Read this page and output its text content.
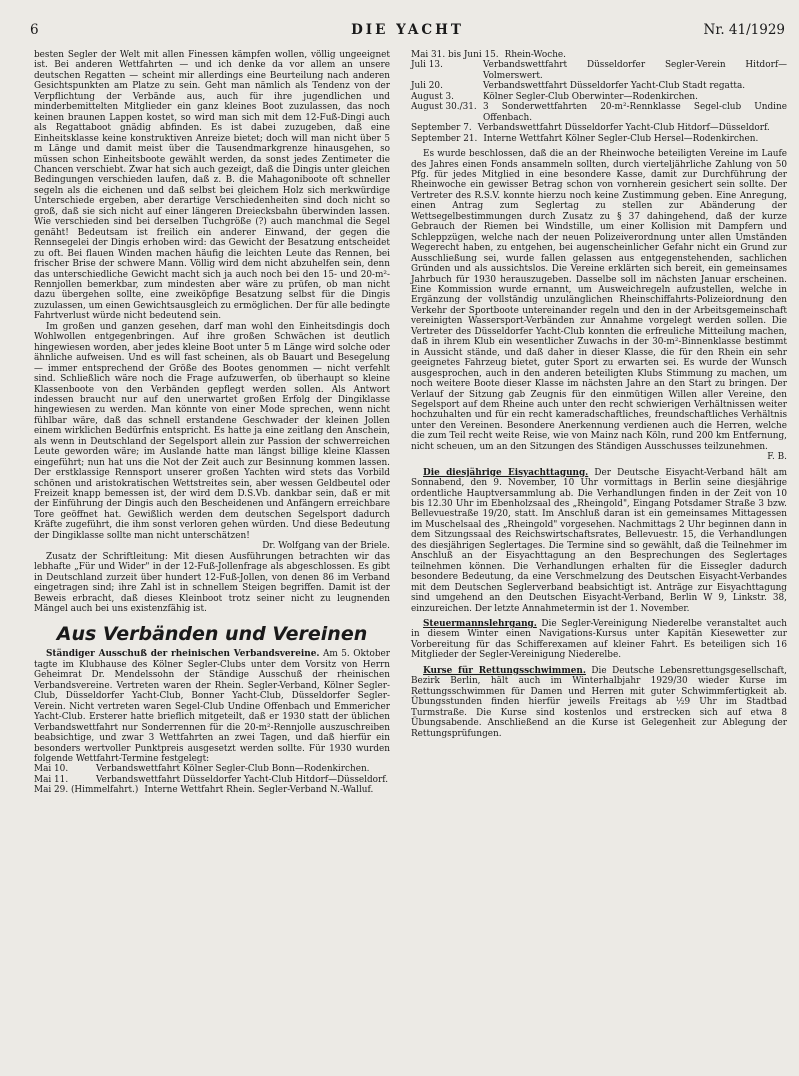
6	DIE YACHT	Nr. 41/1929

besten Segler der Welt mit allen Finessen kämpfen wollen, völlig ungeeignet ist. Bei anderen Wettfahrten — und ich denke da vor allem an unsere deutschen Regatten — scheint mir allerdings eine Beurteilung nach anderen Gesichtspunkten am Platze zu sein. Geht man nämlich als Tendenz von der Verpflichtung der Verbände aus, auch für ihre jugendlichen und minderbemittelten Mitglieder ein ganz kleines Boot zuzulassen, das noch keinen braunen Lappen kostet, so wird man sich mit dem 12-Fuß-Dingi auch als Regattaboot gnädig abfinden. Es ist dabei zuzugeben, daß eine Einheitsklasse keine konstruktiven Anreize bietet; doch will man nicht über 5 m Länge und damit meist über die Tausendmarkgrenze hinausgehen, so müssen schon Einheitsboote gewählt werden, da sonst jedes Zentimeter die Chancen verschiebt. Zwar hat sich auch gezeigt, daß die Dingis unter gleichen Bedingungen verschieden laufen, daß z. B. die Mahagoniboote oft schneller segeln als die eichenen und daß selbst bei gleichem Holz sich merkwürdige Unterschiede ergeben, aber derartige Verschiedenheiten sind doch nicht so groß, daß sie sich nicht auf einer längeren Dreiecksbahn überwinden lassen. Wie verschieden sind bei derselben Tuchgröße (?) auch manchmal die Segel genäht! Bedeutsam ist freilich ein anderer Einwand, der gegen die Rennsegelei der Dingis erhoben wird: das Gewicht der Besatzung entscheidet zu oft. Bei flauen Winden machen häufig die leichten Leute das Rennen, bei frischer Brise der schwere Mann. Völlig wird dem nicht abzuhelfen sein, denn das unterschiedliche Gewicht macht sich ja auch noch bei den 15- und 20-m²-Rennjollen bemerkbar, zum mindesten aber wäre zu prüfen, ob man nicht dazu übergehen sollte, eine zweiköpfige Besatzung selbst für die Dingis zuzulassen, um einen Gewichtsausgleich zu ermöglichen. Der für alle bedingte Fahrtverlust würde nicht bedeutend sein.

Im großen und ganzen gesehen, darf man wohl den Einheitsdingis doch Wohlwollen entgegenbringen. Auf ihre großen Schwächen ist deutlich hingewiesen worden, aber jedes kleine Boot unter 5 m Länge wird solche oder ähnliche aufweisen. Und es will fast scheinen, als ob Bauart und Besegelung — immer entsprechend der Größe des Bootes genommen — nicht verfehlt sind. Schließlich wäre noch die Frage aufzuwerfen, ob überhaupt so kleine Klassenboote von den Verbänden gepflegt werden sollen. Als Antwort indessen braucht nur auf den unerwartet großen Erfolg der Dingiklasse hingewiesen zu werden. Man könnte von einer Mode sprechen, wenn nicht fühlbar wäre, daß das schnell erstandene Geschwader der kleinen Jollen einem wirklichen Bedürfnis entspricht. Es hatte ja eine zeitlang den Anschein, als wenn in Deutschland der Segelsport allein zur Passion der schwerreichen Leute geworden wäre; im Auslande hatte man längst billige kleine Klassen eingeführt; nun hat uns die Not der Zeit auch zur Besinnung kommen lassen. Der erstklassige Rennsport unserer großen Yachten wird stets das Vorbild schönen und aristokratischen Wettstreites sein, aber wessen Geldbeutel oder Freizeit knapp bemessen ist, der wird dem D.S.Vb. dankbar sein, daß er mit der Einführung der Dingis auch den Bescheidenen und Anfängern erreichbare Tore geöffnet hat. Gewißlich werden dem deutschen Segelsport dadurch Kräfte zugeführt, die ihm sonst verloren gehen würden. Und diese Bedeutung der Dingiklasse sollte man nicht unterschätzen!

Dr. Wolfgang van der Briele.

Zusatz der Schriftleitung: Mit diesen Ausführungen betrachten wir das lebhafte „Für und Wider" in der 12-Fuß-Jollenfrage als abgeschlossen. Es gibt in Deutschland zurzeit über hundert 12-Fuß-Jollen, von denen 86 im Verband eingetragen sind; ihre Zahl ist in schnellem Steigen begriffen. Damit ist der Beweis erbracht, daß dieses Kleinboot trotz seiner nicht zu leugnenden Mängel auch bei uns existenzfähig ist.

Aus Verbänden und Vereinen

Ständiger Ausschuß der rheinischen Verbandsvereine. Am 5. Oktober tagte im Klubhause des Kölner Segler-Clubs unter dem Vorsitz von Herrn Geheimrat Dr. Mendelssohn der Ständige Ausschuß der rheinischen Verbandsvereine. Vertreten waren der Rhein. Segler-Verband, Kölner Segler-Club, Düsseldorfer Yacht-Club, Bonner Yacht-Club, Düsseldorfer Segler-Verein. Nicht vertreten waren Segel-Club Undine Offenbach und Emmericher Yacht-Club. Ersterer hatte brieflich mitgeteilt, daß er 1930 statt der üblichen Verbandswettfahrt nur Sonderrennen für die 20-m²-Rennjolle auszuschreiben beabsichtige, und zwar 3 Wettfahrten an zwei Tagen, und daß hierfür ein besonders wertvoller Punktpreis ausgesetzt werden sollte. Für 1930 wurden folgende Wettfahrt-Termine festgelegt:

Mai 10.	Verbandswettfahrt Kölner Segler-Club Bonn—Rodenkirchen.
Mai 11.	Verbandswettfahrt Düsseldorfer Yacht-Club Hitdorf—Düsseldorf.
Mai 29. (Himmelfahrt.) Interne Wettfahrt Rhein. Segler-Verband N.-Walluf.
Mai 31. bis Juni 15. Rhein-Woche.
Juli 13.	Verbandswettfahrt Düsseldorfer Segler-Verein Hitdorf—Volmerswert.
Juli 20.	Verbandswettfahrt Düsseldorfer Yacht-Club Stadt regatta.
August 3.	Kölner Segler-Club Oberwinter—Rodenkirchen.
August 30./31. 3 Sonderwettfahrten 20-m²-Rennklasse Segel-club Undine Offenbach.
September 7. Verbandswettfahrt Düsseldorfer Yacht-Club Hitdorf—Düsseldorf.
September 21. Interne Wettfahrt Kölner Segler-Club Hersel—Rodenkirchen.

Es wurde beschlossen, daß die an der Rheinwoche beteiligten Vereine im Laufe des Jahres einen Fonds ansammeln sollten, durch vierteljährliche Zahlung von 50 Pfg. für jedes Mitglied in eine besondere Kasse, damit zur Durchführung der Rheinwoche ein gewisser Betrag schon von vornherein gesichert sein sollte. Der Vertreter des R.S.V. konnte hierzu noch keine Zustimmung geben. Eine Anregung, einen Antrag zum Seglertag zu stellen zur Abänderung der Wettsegelbestimmungen durch Zusatz zu § 37 dahingehend, daß der kurze Gebrauch der Riemen bei Windstille, um einer Kollision mit Dampfern und Schleppzügen, welche nach der neuen Polizeiverordnung unter allen Umständen Wegerecht haben, zu entgehen, bei augenscheinlicher Gefahr nicht ein Grund zur Ausschließung sei, wurde fallen gelassen aus entgegenstehenden, sachlichen Gründen und als aussichtslos. Die Vereine erklärten sich bereit, ein gemeinsames Jahrbuch für 1930 herauszugeben. Dasselbe soll im nächsten Januar erscheinen. Eine Kommission wurde ernannt, um Ausweichregeln aufzustellen, welche in Ergänzung der vollständig unzulänglichen Rheinschiffahrts-Polizeiordnung den Verkehr der Sportboote untereinander regeln und den in der Arbeitsgemeinschaft vereinigten Wassersport-Verbänden zur Annahme vorgelegt werden sollen. Die Vertreter des Düsseldorfer Yacht-Club konnten die erfreuliche Mitteilung machen, daß in ihrem Klub ein wesentlicher Zuwachs in der 30-m²-Binnenklasse bestimmt in Aussicht stände, und daß daher in dieser Klasse, die für den Rhein ein sehr geeignetes Fahrzeug bietet, guter Sport zu erwarten sei. Es wurde der Wunsch ausgesprochen, auch in den anderen beteiligten Klubs Stimmung zu machen, um noch weitere Boote dieser Klasse im nächsten Jahre an den Start zu bringen. Der Verlauf der Sitzung gab Zeugnis für den einmütigen Willen aller Vereine, den Segelsport auf dem Rheine auch unter den recht schwierigen Verhältnissen weiter hochzuhalten und für ein recht kameradschaftliches, freundschaftliches Verhältnis unter den Vereinen. Besondere Anerkennung verdienen auch die Herren, welche die zum Teil recht weite Reise, wie von Mainz nach Köln, rund 200 km Entfernung, nicht scheuen, um an den Sitzungen des Ständigen Ausschusses teilzunehmen.

F. B.

Die diesjährige Eisyachttagung. Der Deutsche Eisyacht-Verband hält am Sonnabend, den 9. November, 10 Uhr vormittags in Berlin seine diesjährige ordentliche Hauptversammlung ab. Die Verhandlungen finden in der Zeit von 10 bis 12.30 Uhr im Ebenholzsaal des „Rheingold", Eingang Potsdamer Straße 3 bzw. Bellevuestraße 19/20, statt. Im Anschluß daran ist ein gemeinsames Mittagessen im Muschelsaal des „Rheingold" vorgesehen. Nachmittags 2 Uhr beginnen dann in dem Sitzungssaal des Reichswirtschaftsrates, Bellevuestr. 15, die Verhandlungen des diesjährigen Seglertages. Die Termine sind so gewählt, daß die Teilnehmer im Anschluß an der Eisyachttagung an den Besprechungen des Seglertages teilnehmen können. Die Verhandlungen erhalten für die Eissegler dadurch besondere Bedeutung, da eine Verschmelzung des Deutschen Eisyacht-Verbandes mit dem Deutschen Seglerverband beabsichtigt ist. Anträge zur Eisyachttagung sind umgehend an den Deutschen Eisyacht-Verband, Berlin W 9, Linkstr. 38, einzureichen. Der letzte Annahmetermin ist der 1. November.

Steuermannslehrgang. Die Segler-Vereinigung Niederelbe veranstaltet auch in diesem Winter einen Navigations-Kursus unter Kapitän Kiesewetter zur Vorbereitung für das Schifferexamen auf kleiner Fahrt. Es beteiligen sich 16 Mitglieder der Segler-Vereinigung Niederelbe.

Kurse für Rettungsschwimmen. Die Deutsche Lebensrettungsgesellschaft, Bezirk Berlin, hält auch im Winterhalbjahr 1929/30 wieder Kurse im Rettungsschwimmen für Damen und Herren mit guter Schwimmfertigkeit ab. Übungsstunden finden hierfür jeweils Freitags ab ½9 Uhr im Stadtbad Turmstraße. Die Kurse sind kostenlos und erstrecken sich auf etwa 8 Übungsabende. Anschließend an die Kurse ist Gelegenheit zur Ablegung der Rettungsprüfungen.
